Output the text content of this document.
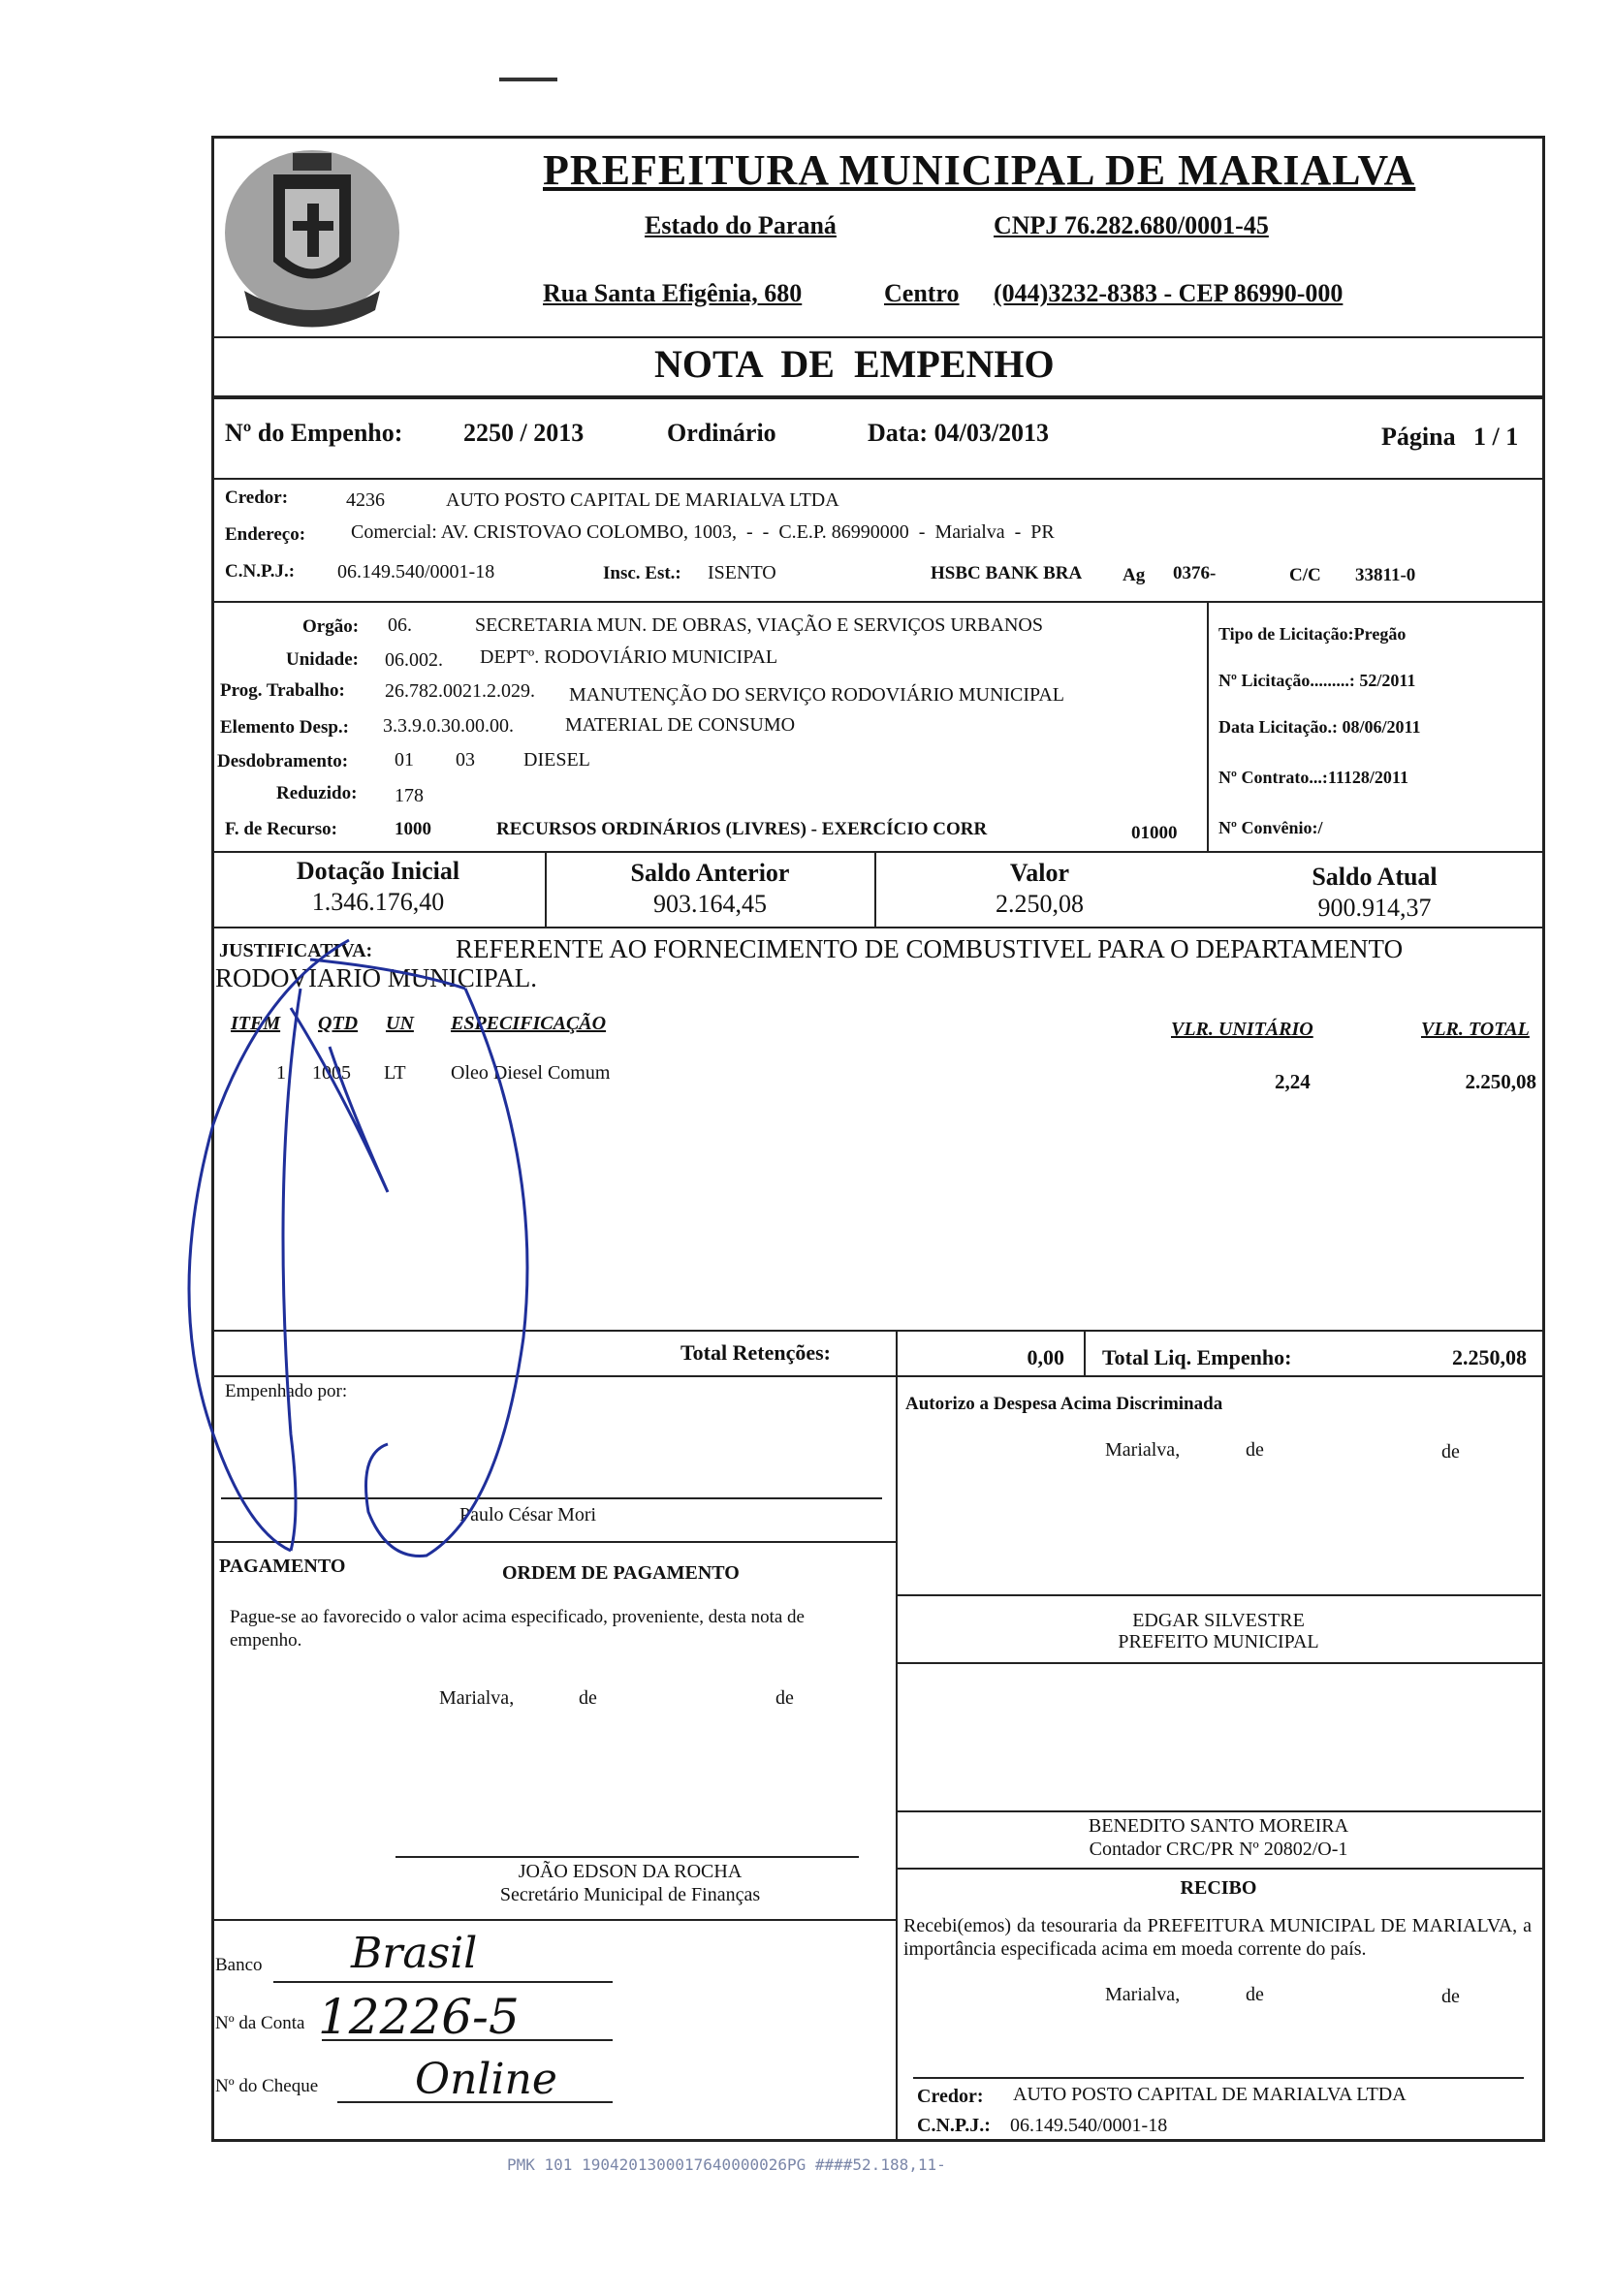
PREFEITURA MUNICIPAL DE MARIALVA
Estado do Paraná	CNPJ 76.282.680/0001-45
Rua Santa Efigênia, 680	Centro (044)3232-8383 - CEP 86990-000
NOTA  DE  EMPENHO
Nº do Empenho: 2250 / 2013	Ordinário	Data: 04/03/2013	Página 1 / 1
Credor:	4236	AUTO POSTO CAPITAL DE MARIALVA LTDA
Endereço: Comercial: AV. CRISTOVAO COLOMBO, 1003,  -  -  C.E.P. 86990000  -  Marialva  -  PR
C.N.P.J.: 06.149.540/0001-18	Insc. Est.: ISENTO	HSBC BANK BRA Ag 0376-	C/C 33811-0
Orgão: 06.	SECRETARIA MUN. DE OBRAS, VIAÇÃO E SERVIÇOS URBANOS
Unidade: 06.002. DEPTº. RODOVIÁRIO MUNICIPAL
Prog. Trabalho: 26.782.0021.2.029. MANUTENÇÃO DO SERVIÇO RODOVIÁRIO MUNICIPAL
Elemento Desp.: 3.3.9.0.30.00.00.	MATERIAL DE CONSUMO
Desdobramento: 01 03	DIESEL
Reduzido: 178
F. de Recurso:	1000	RECURSOS ORDINÁRIOS (LIVRES) - EXERCÍCIO CORR	01000
Tipo de Licitação:Pregão
Nº Licitação.........: 52/2011
Data Licitação.: 08/06/2011
Nº Contrato...:11128/2011
Nº Convênio:/
Dotação Inicial
1.346.176,40
Saldo Anterior
903.164,45
Valor
2.250,08
Saldo Atual
900.914,37
JUSTIFICATIVA:	REFERENTE AO FORNECIMENTO DE COMBUSTIVEL PARA O DEPARTAMENTO
RODOVIARIO MUNICIPAL.
ITEM QTD UN ESPECIFICAÇÃO	VLR. UNITÁRIO	VLR. TOTAL
1 1005 LT Oleo Diesel Comum	2,24	2.250,08
Total Retenções:	0,00 Total Liq. Empenho:	2.250,08
Empenhado por:
Paulo César Mori
Autorizo a Despesa Acima Discriminada
Marialva,	de	de
PAGAMENTO	ORDEM DE PAGAMENTO
Pague-se ao favorecido o valor acima especificado, proveniente, desta nota de empenho.
Marialva,	de	de
EDGAR SILVESTRE
PREFEITO MUNICIPAL
BENEDITO SANTO MOREIRA
Contador CRC/PR Nº 20802/O-1
RECIBO
Recebi(emos) da tesouraria da PREFEITURA MUNICIPAL DE MARIALVA, a importância especificada acima em moeda corrente do país.
Marialva,	de	de
Credor: AUTO POSTO CAPITAL DE MARIALVA LTDA
C.N.P.J.: 06.149.540/0001-18
JOÃO EDSON DA ROCHA
Secretário Municipal de Finanças
Banco Brasil
Nº da Conta 12226-5
Nº do Cheque Online
PMK 101 1904201300017640000026PG ####52.188,11-
